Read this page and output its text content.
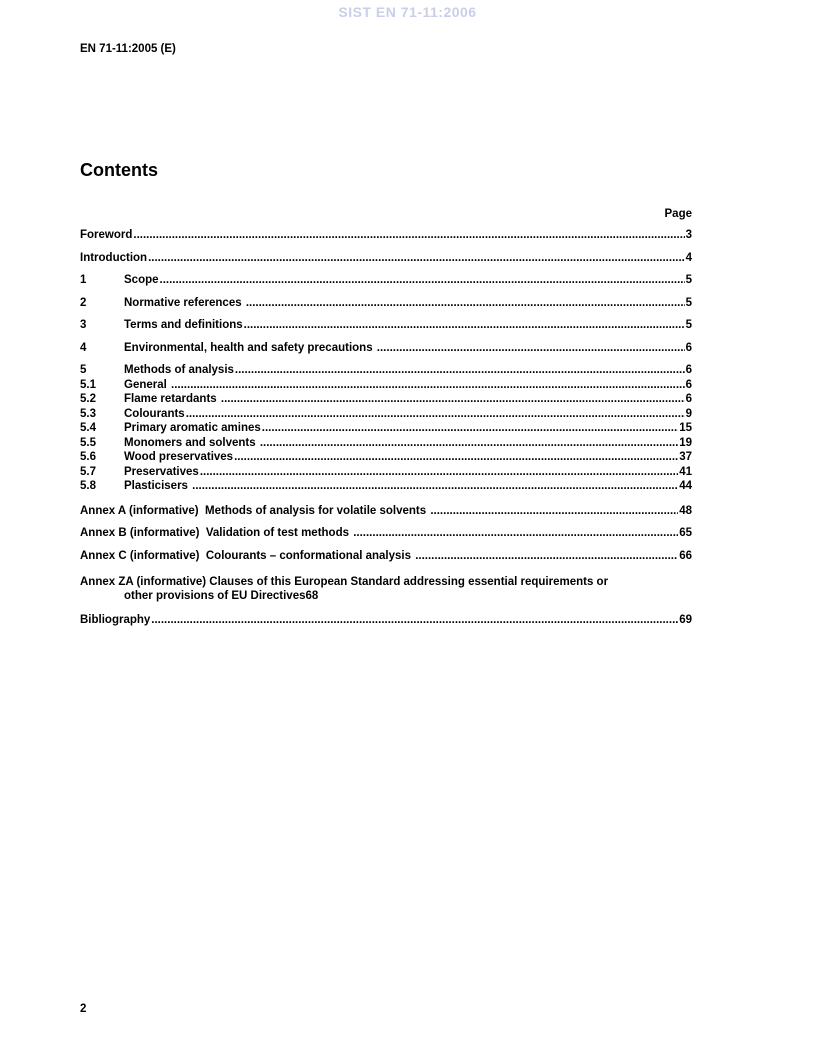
SIST EN 71-11:2006
EN 71-11:2005 (E)
Contents
Page
Foreword .....	3
Introduction .....	4
1	Scope .....	5
2	Normative references .....	5
3	Terms and definitions .....	5
4	Environmental, health and safety precautions .....	6
5	Methods of analysis .....	6
5.1	General .....	6
5.2	Flame retardants .....	6
5.3	Colourants .....	9
5.4	Primary aromatic amines .....	15
5.5	Monomers and solvents .....	19
5.6	Wood preservatives .....	37
5.7	Preservatives .....	41
5.8	Plasticisers .....	44
Annex A (informative)  Methods of analysis for volatile solvents .....	48
Annex B (informative)  Validation of test methods .....	65
Annex C (informative)  Colourants – conformational analysis .....	66
Annex ZA (informative) Clauses of this European Standard addressing essential requirements or
other provisions of EU Directives 68
Bibliography .....	69
2
